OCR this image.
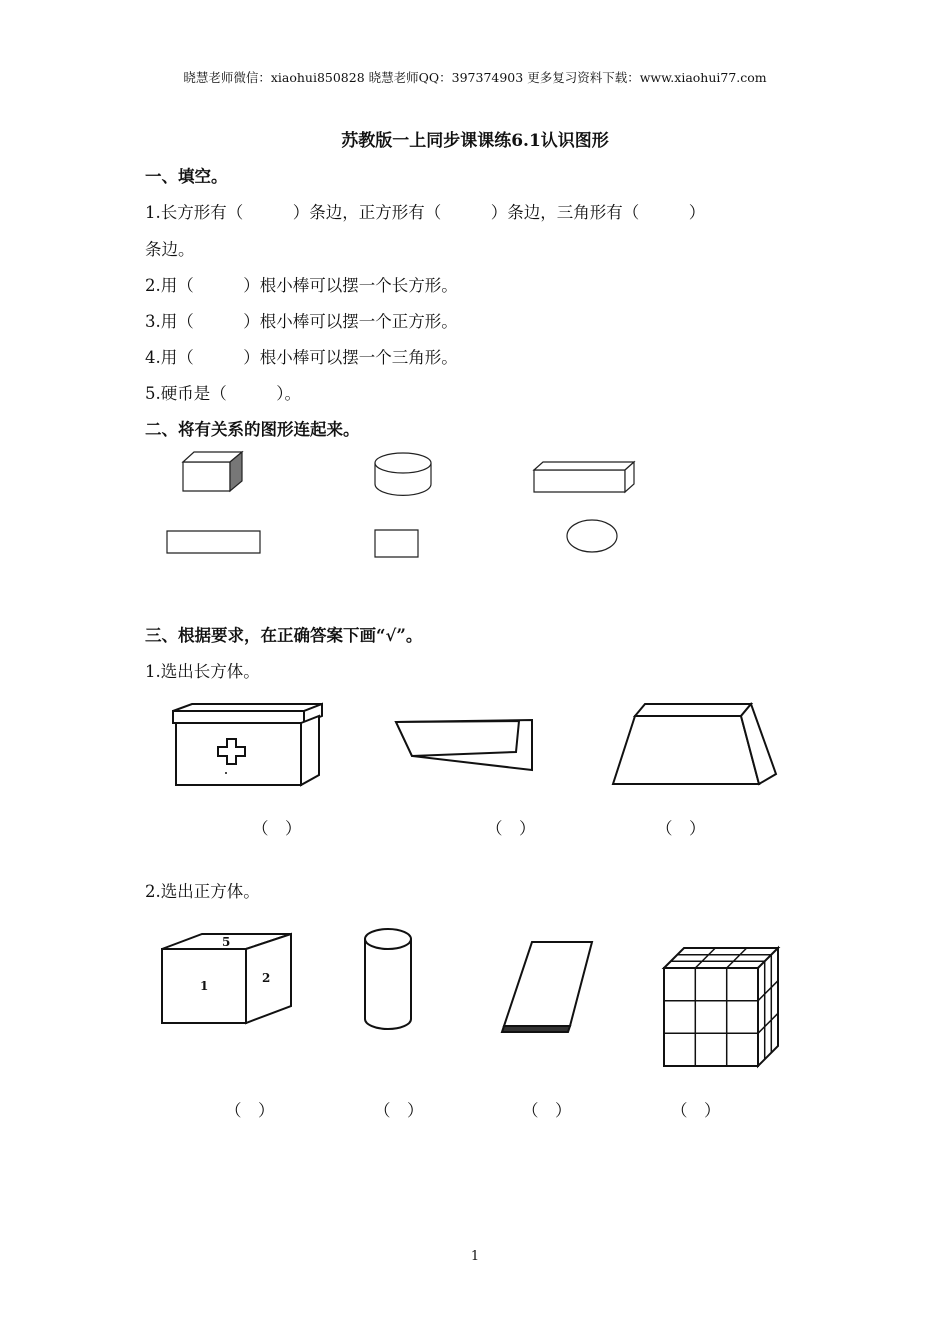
晓慧老师微信：xiaohui850828 晓慧老师QQ：397374903 更多复习资料下载：www.xiaohui77.com
苏教版一上同步课课练6.1认识图形
一、填空。
1.长方形有（　　　）条边，正方形有（　　　）条边，三角形有（　　　）
条边。
2.用（　　　）根小棒可以摆一个长方形。
3.用（　　　）根小棒可以摆一个正方形。
4.用（　　　）根小棒可以摆一个三角形。
5.硬币是（　　　）。
二、将有关系的图形连起来。
三、根据要求，在正确答案下画“√”。
1.选出长方体。
（　）	（　）	（　）
2.选出正方体。
5
1
2
（　）	（　）	（　）	（　）
1
